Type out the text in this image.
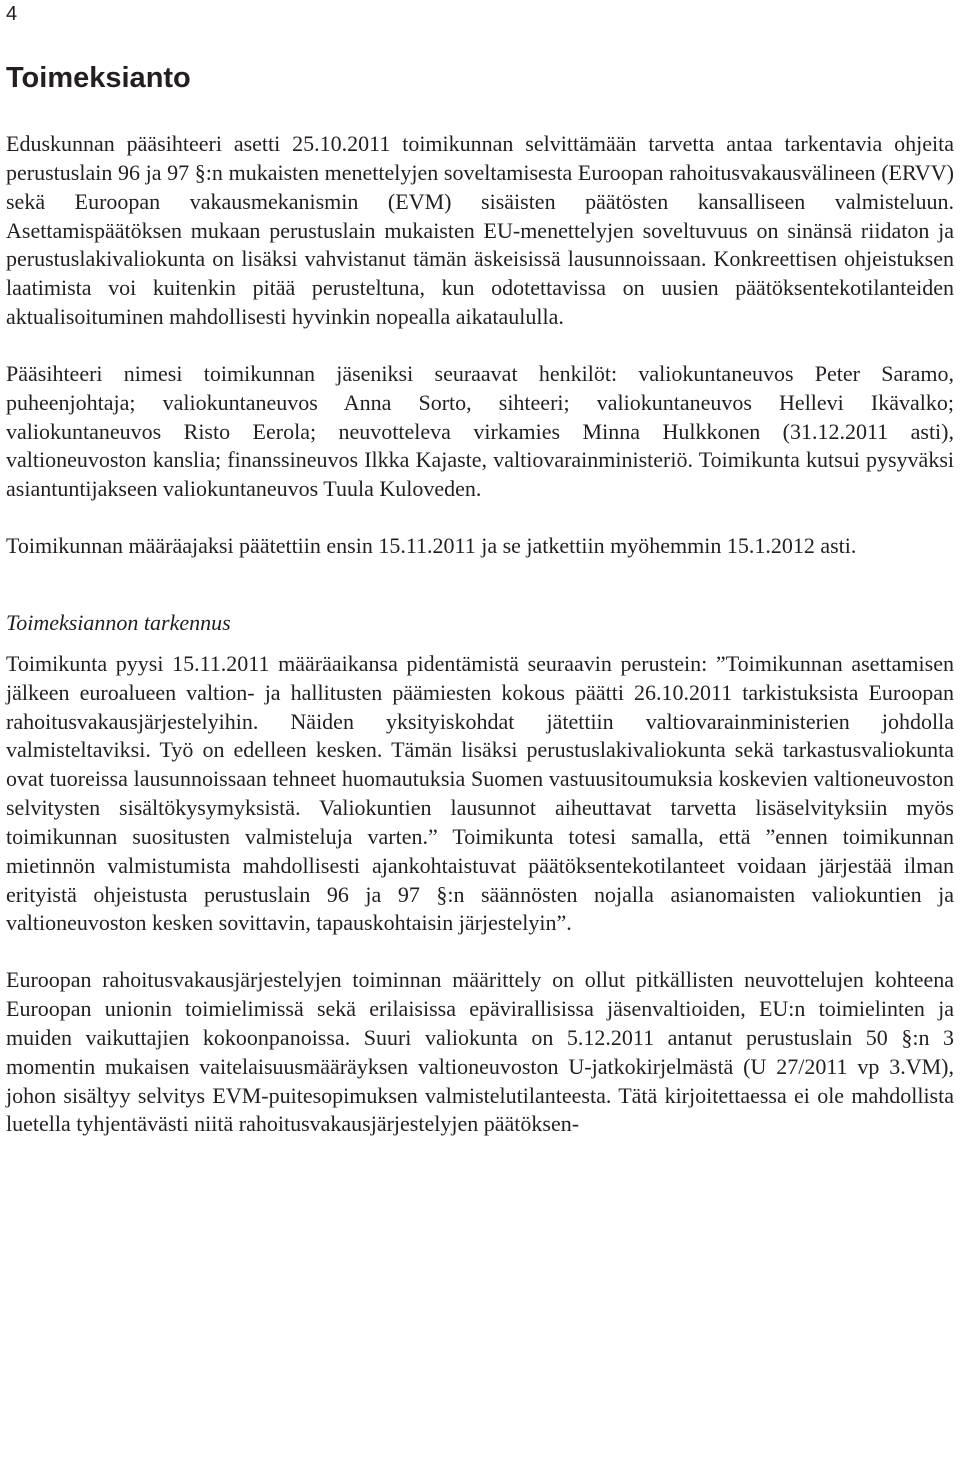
4
Toimeksianto

Eduskunnan pääsihteeri asetti 25.10.2011 toimikunnan selvittämään tarvetta antaa tarkentavia ohjeita perustuslain 96 ja 97 §:n mukaisten menettelyjen soveltamisesta Euroopan rahoitusvakausvälineen (ERVV) sekä Euroopan vakausmekanismin (EVM) sisäisten päätösten kansalliseen valmisteluun. Asettamispäätöksen mukaan perustuslain mukaisten EU-menettelyjen soveltuvuus on sinänsä riidaton ja perustuslakivaliokunta on lisäksi vahvistanut tämän äskeisissä lausunnoissaan. Konkreettisen ohjeistuksen laatimista voi kuitenkin pitää perusteltuna, kun odotettavissa on uusien päätöksentekotilanteiden aktualisoituminen mahdollisesti hyvinkin nopealla aikataululla.

Pääsihteeri nimesi toimikunnan jäseniksi seuraavat henkilöt: valiokuntaneuvos Peter Saramo, puheenjohtaja; valiokuntaneuvos Anna Sorto, sihteeri; valiokuntaneuvos Hellevi Ikävalko; valiokuntaneuvos Risto Eerola; neuvotteleva virkamies Minna Hulkkonen (31.12.2011 asti), valtioneuvoston kanslia; finanssineuvos Ilkka Kajaste, valtiovarainministeriö. Toimikunta kutsui pysyväksi asiantuntijakseen valiokuntaneuvos Tuula Kuloveden.

Toimikunnan määräajaksi päätettiin ensin 15.11.2011 ja se jatkettiin myöhemmin 15.1.2012 asti.

Toimeksiannon tarkennus

Toimikunta pyysi 15.11.2011 määräaikansa pidentämistä seuraavin perustein: ”Toimikunnan asettamisen jälkeen euroalueen valtion- ja hallitusten päämiesten kokous päätti 26.10.2011 tarkistuksista Euroopan rahoitusvakausjärjestelyihin. Näiden yksityiskohdat jätettiin valtiovarainministerien johdolla valmisteltaviksi. Työ on edelleen kesken. Tämän lisäksi perustuslakivaliokunta sekä tarkastusvaliokunta ovat tuoreissa lausunnoissaan tehneet huomautuksia Suomen vastuusitoumuksia koskevien valtioneuvoston selvitysten sisältökysymyksistä. Valiokuntien lausunnot aiheuttavat tarvetta lisäselvityksiin myös toimikunnan suositusten valmisteluja varten.” Toimikunta totesi samalla, että ”ennen toimikunnan mietinnön valmistumista mahdollisesti ajankohtaistuvat päätöksentekotilanteet voidaan järjestää ilman erityistä ohjeistusta perustuslain 96 ja 97 §:n säännösten nojalla asianomaisten valiokuntien ja valtioneuvoston kesken sovittavin, tapauskohtaisin järjestelyin”.

Euroopan rahoitusvakausjärjestelyjen toiminnan määrittely on ollut pitkällisten neuvottelujen kohteena Euroopan unionin toimielimissä sekä erilaisissa epävirallisissa jäsenvaltioiden, EU:n toimielinten ja muiden vaikuttajien kokoonpanoissa. Suuri valiokunta on 5.12.2011 antanut perustuslain 50 §:n 3 momentin mukaisen vaitelaisuusmääräyksen valtioneuvoston U-jatkokirjelmästä (U 27/2011 vp 3.VM), johon sisältyy selvitys EVM-puitesopimuksen valmistelutilanteesta. Tätä kirjoitettaessa ei ole mahdollista luetella tyhjentävästi niitä rahoitusvakausjärjestelyjen päätöksen-
